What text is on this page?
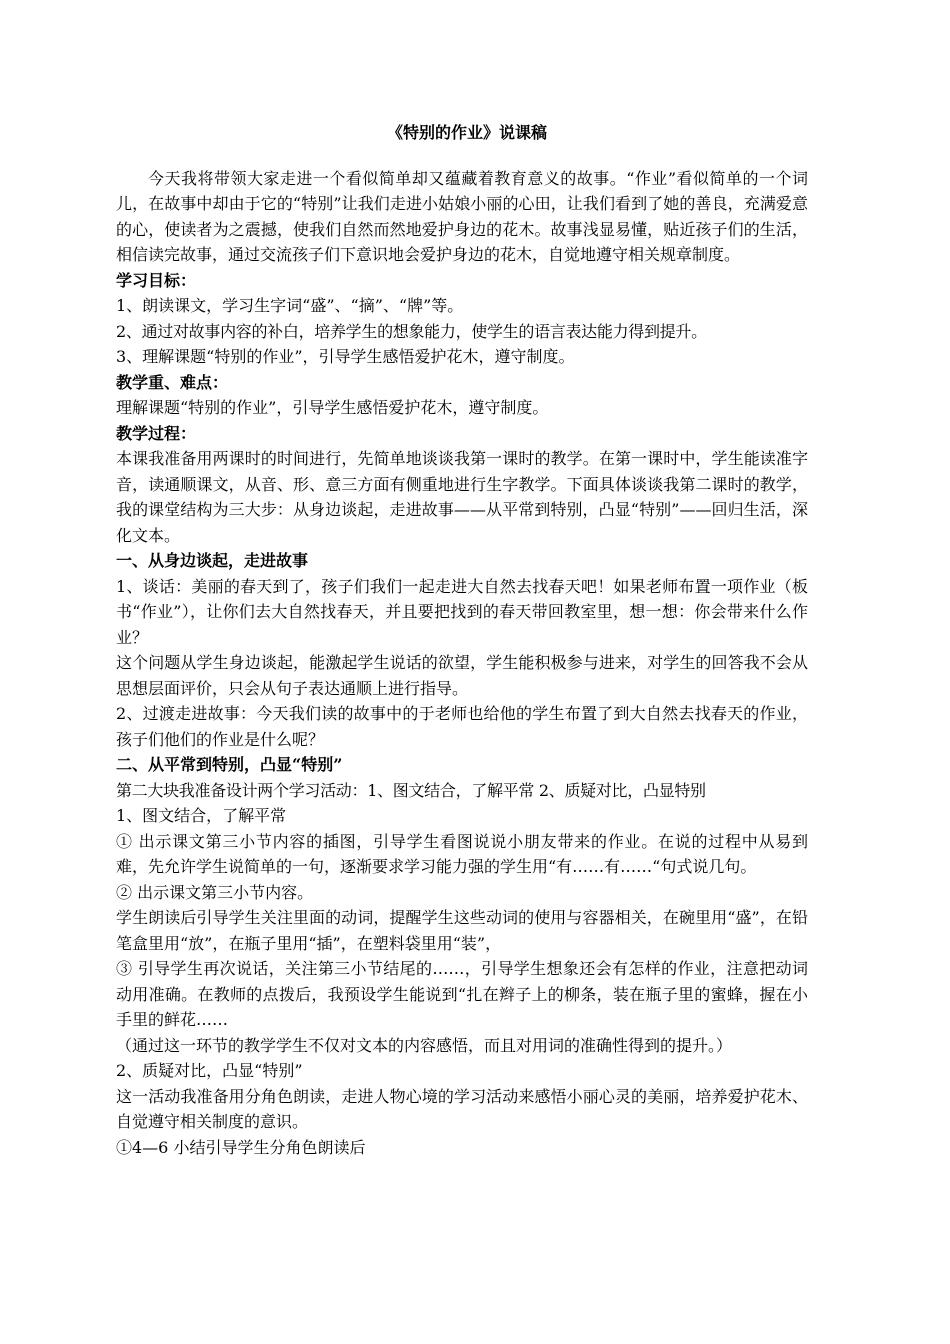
《特别的作业》说课稿

今天我将带领大家走进一个看似简单却又蕴藏着教育意义的故事。“作业”看似简单的一个词儿，在故事中却由于它的“特别”让我们走进小姑娘小丽的心田，让我们看到了她的善良，充满爱意的心，使读者为之震撼，使我们自然而然地爱护身边的花木。故事浅显易懂，贴近孩子们的生活，相信读完故事，通过交流孩子们下意识地会爱护身边的花木，自觉地遵守相关规章制度。

学习目标：

1、朗读课文，学习生字词“盛”、“摘”、“牌”等。

2、通过对故事内容的补白，培养学生的想象能力，使学生的语言表达能力得到提升。

3、理解课题“特别的作业”，引导学生感悟爱护花木，遵守制度。

教学重、难点：

理解课题“特别的作业”，引导学生感悟爱护花木，遵守制度。

教学过程：

本课我准备用两课时的时间进行，先简单地谈谈我第一课时的教学。在第一课时中，学生能读准字音，读通顺课文，从音、形、意三方面有侧重地进行生字教学。下面具体谈谈我第二课时的教学，我的课堂结构为三大步：从身边谈起，走进故事——从平常到特别，凸显“特别”——回归生活，深化文本。

一、从身边谈起，走进故事

1、谈话：美丽的春天到了，孩子们我们一起走进大自然去找春天吧！如果老师布置一项作业（板书“作业”），让你们去大自然找春天，并且要把找到的春天带回教室里，想一想：你会带来什么作业？

这个问题从学生身边谈起，能激起学生说话的欲望，学生能积极参与进来，对学生的回答我不会从思想层面评价，只会从句子表达通顺上进行指导。

2、过渡走进故事：今天我们读的故事中的于老师也给他的学生布置了到大自然去找春天的作业，孩子们他们的作业是什么呢？

二、从平常到特别，凸显“特别”

第二大块我准备设计两个学习活动：1、图文结合，了解平常 2、质疑对比，凸显特别

1、图文结合，了解平常

① 出示课文第三小节内容的插图，引导学生看图说说小朋友带来的作业。在说的过程中从易到难，先允许学生说简单的一句，逐渐要求学习能力强的学生用“有……有……“句式说几句。

② 出示课文第三小节内容。

学生朗读后引导学生关注里面的动词，提醒学生这些动词的使用与容器相关，在碗里用“盛”，在铅笔盒里用“放”，在瓶子里用“插”，在塑料袋里用“装”，

③ 引导学生再次说话，关注第三小节结尾的……，引导学生想象还会有怎样的作业，注意把动词动用准确。在教师的点拨后，我预设学生能说到“扎在辫子上的柳条，装在瓶子里的蜜蜂，握在小手里的鲜花……

（通过这一环节的教学学生不仅对文本的内容感悟，而且对用词的准确性得到的提升。）

2、质疑对比，凸显“特别”

这一活动我准备用分角色朗读，走进人物心境的学习活动来感悟小丽心灵的美丽，培养爱护花木、自觉遵守相关制度的意识。

①4—6 小结引导学生分角色朗读后
